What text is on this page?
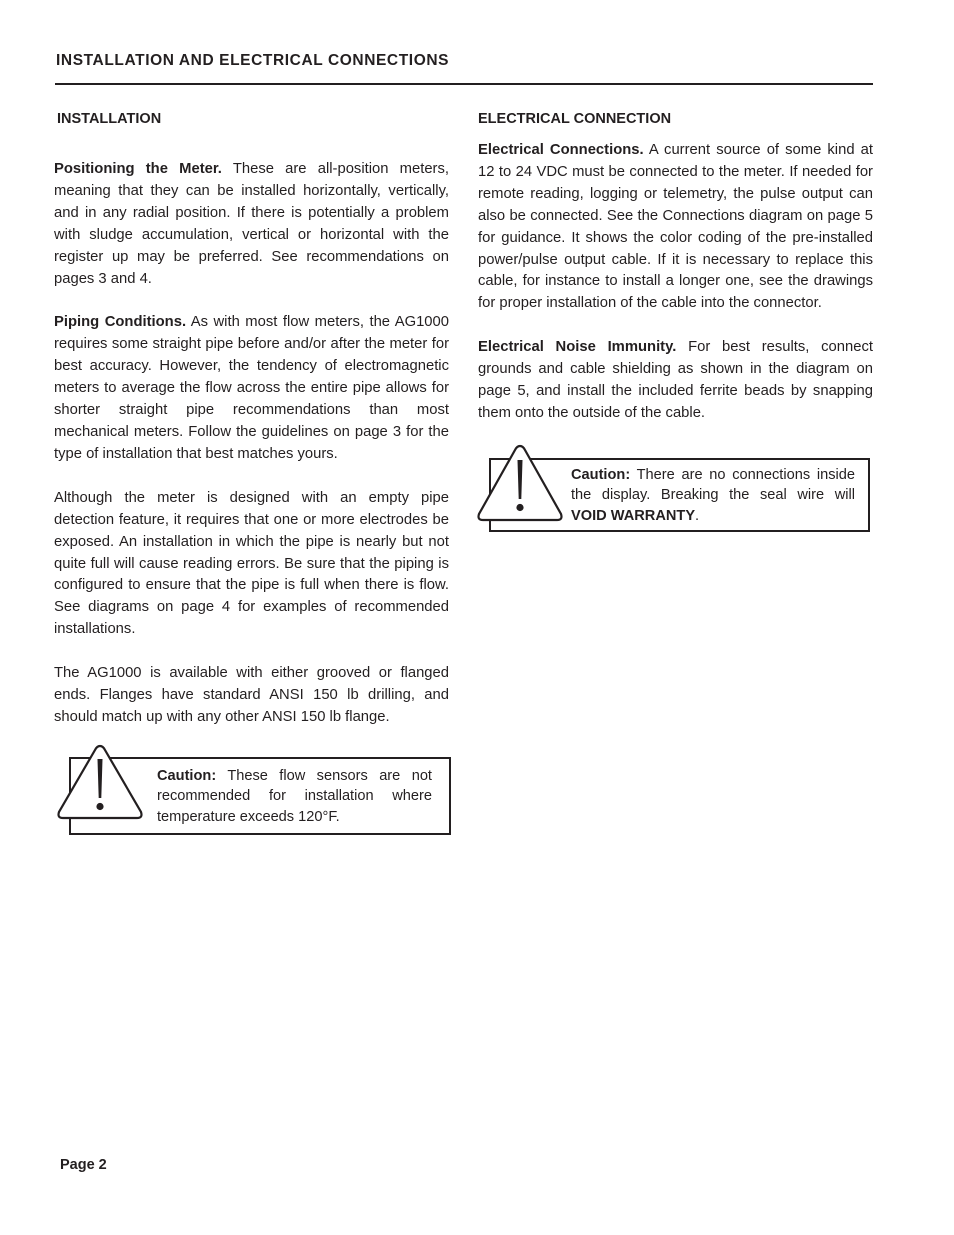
INSTALLATION AND ELECTRICAL CONNECTIONS
INSTALLATION

Positioning the Meter. These are all-position meters, meaning that they can be installed horizontally, vertically, and in any radial position. If there is potentially a problem with sludge accumulation, vertical or horizontal with the register up may be preferred. See recommendations on pages 3 and 4.

Piping Conditions. As with most flow meters, the AG1000 requires some straight pipe before and/or after the meter for best accuracy. However, the tendency of electromagnetic meters to average the flow across the entire pipe allows for shorter straight pipe recommendations than most mechanical meters. Follow the guidelines on page 3 for the type of installation that best matches yours.

Although the meter is designed with an empty pipe detection feature, it requires that one or more electrodes be exposed. An installation in which the pipe is nearly but not quite full will cause reading errors. Be sure that the piping is configured to ensure that the pipe is full when there is flow. See diagrams on page 4 for examples of recommended installations.

The AG1000 is available with either grooved or flanged ends. Flanges have standard ANSI 150 lb drilling, and should match up with any other ANSI 150 lb flange.

Caution: These flow sensors are not recommended for installation where temperature exceeds 120°F.
ELECTRICAL CONNECTION

Electrical Connections. A current source of some kind at 12 to 24 VDC must be connected to the meter. If needed for remote reading, logging or telemetry, the pulse output can also be connected. See the Connections diagram on page 5 for guidance. It shows the color coding of the pre-installed power/pulse output cable. If it is necessary to replace this cable, for instance to install a longer one, see the drawings for proper installation of the cable into the connector.

Electrical Noise Immunity. For best results, connect grounds and cable shielding as shown in the diagram on page 5, and install the included ferrite beads by snapping them onto the outside of the cable.

Caution: There are no connections inside the display. Breaking the seal wire will VOID WARRANTY.
Page 2
